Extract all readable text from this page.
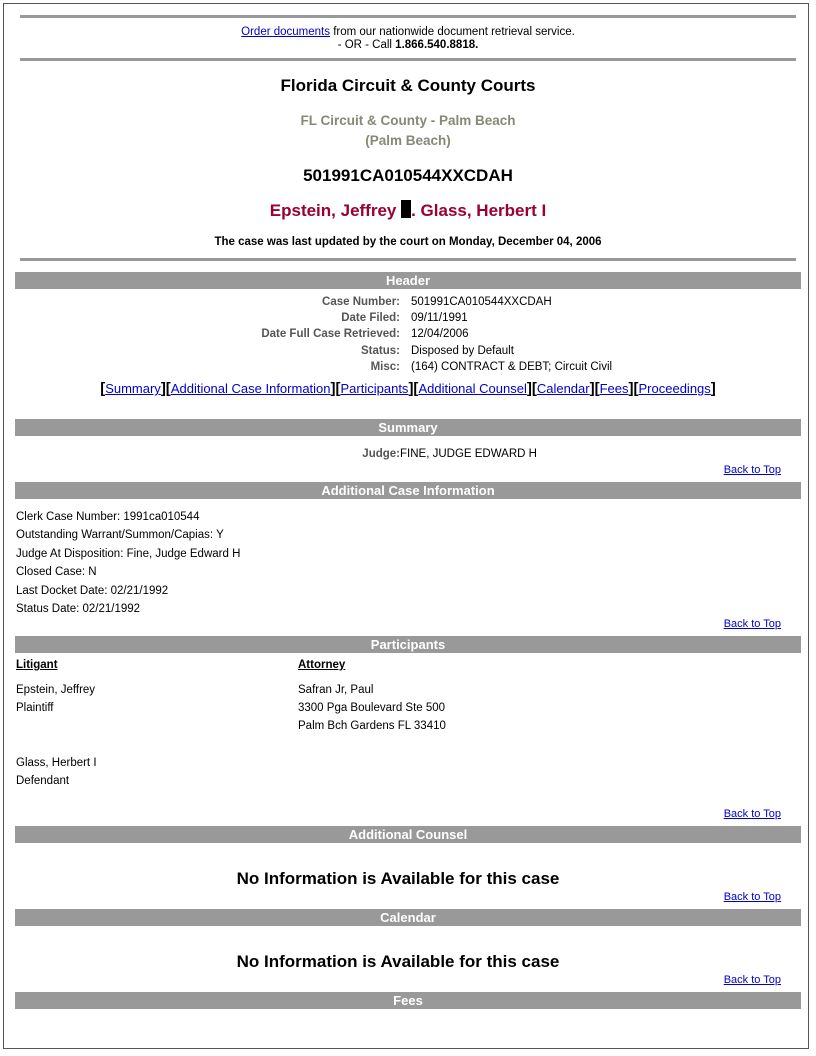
Order documents from our nationwide document retrieval service.
- OR - Call 1.866.540.8818.
Florida Circuit & County Courts
FL Circuit & County - Palm Beach
(Palm Beach)
501991CA010544XXCDAH
Epstein, Jeffrey . Glass, Herbert I
The case was last updated by the court on Monday, December 04, 2006
Header
Case Number: 501991CA010544XXCDAH
Date Filed: 09/11/1991
Date Full Case Retrieved: 12/04/2006
Status: Disposed by Default
Misc: (164) CONTRACT & DEBT; Circuit Civil
[Summary][Additional Case Information][Participants][Additional Counsel][Calendar][Fees][Proceedings]
Summary
Judge: FINE, JUDGE EDWARD H
Back to Top
Additional Case Information
Clerk Case Number: 1991ca010544
Outstanding Warrant/Summon/Capias: Y
Judge At Disposition: Fine, Judge Edward H
Closed Case: N
Last Docket Date: 02/21/1992
Status Date: 02/21/1992
Back to Top
Participants
Litigant	Attorney
Epstein, Jeffrey
Plaintiff
Safran Jr, Paul
3300 Pga Boulevard Ste 500
Palm Bch Gardens FL 33410
Glass, Herbert I
Defendant
Back to Top
Additional Counsel
No Information is Available for this case
Back to Top
Calendar
No Information is Available for this case
Back to Top
Fees
